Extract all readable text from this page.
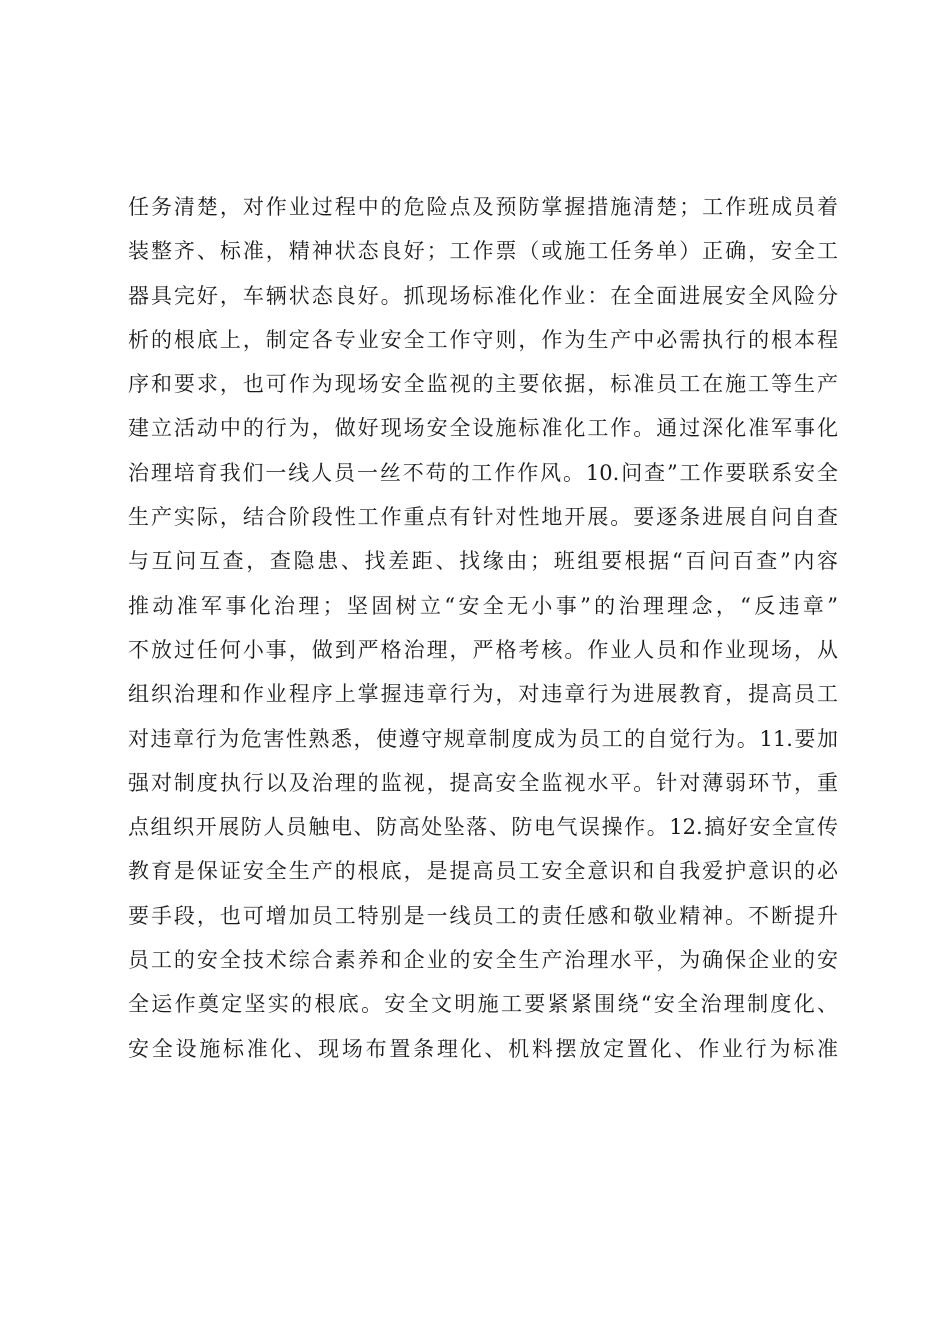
任务清楚，对作业过程中的危险点及预防掌握措施清楚；工作班成员着
装整齐、标准，精神状态良好；工作票（或施工任务单）正确，安全工
器具完好，车辆状态良好。抓现场标准化作业：在全面进展安全风险分
析的根底上，制定各专业安全工作守则，作为生产中必需执行的根本程
序和要求，也可作为现场安全监视的主要依据，标准员工在施工等生产
建立活动中的行为，做好现场安全设施标准化工作。通过深化准军事化
治理培育我们一线人员一丝不苟的工作作风。10.问查”工作要联系安全
生产实际，结合阶段性工作重点有针对性地开展。要逐条进展自问自查
与互问互查，查隐患、找差距、找缘由；班组要根据“百问百查”内容
推动准军事化治理；坚固树立“安全无小事”的治理理念，“反违章”
不放过任何小事，做到严格治理，严格考核。作业人员和作业现场，从
组织治理和作业程序上掌握违章行为，对违章行为进展教育，提高员工
对违章行为危害性熟悉，使遵守规章制度成为员工的自觉行为。11.要加
强对制度执行以及治理的监视，提高安全监视水平。针对薄弱环节，重
点组织开展防人员触电、防高处坠落、防电气误操作。12.搞好安全宣传
教育是保证安全生产的根底，是提高员工安全意识和自我爱护意识的必
要手段，也可增加员工特别是一线员工的责任感和敬业精神。不断提升
员工的安全技术综合素养和企业的安全生产治理水平，为确保企业的安
全运作奠定坚实的根底。安全文明施工要紧紧围绕“安全治理制度化、
安全设施标准化、现场布置条理化、机料摆放定置化、作业行为标准
